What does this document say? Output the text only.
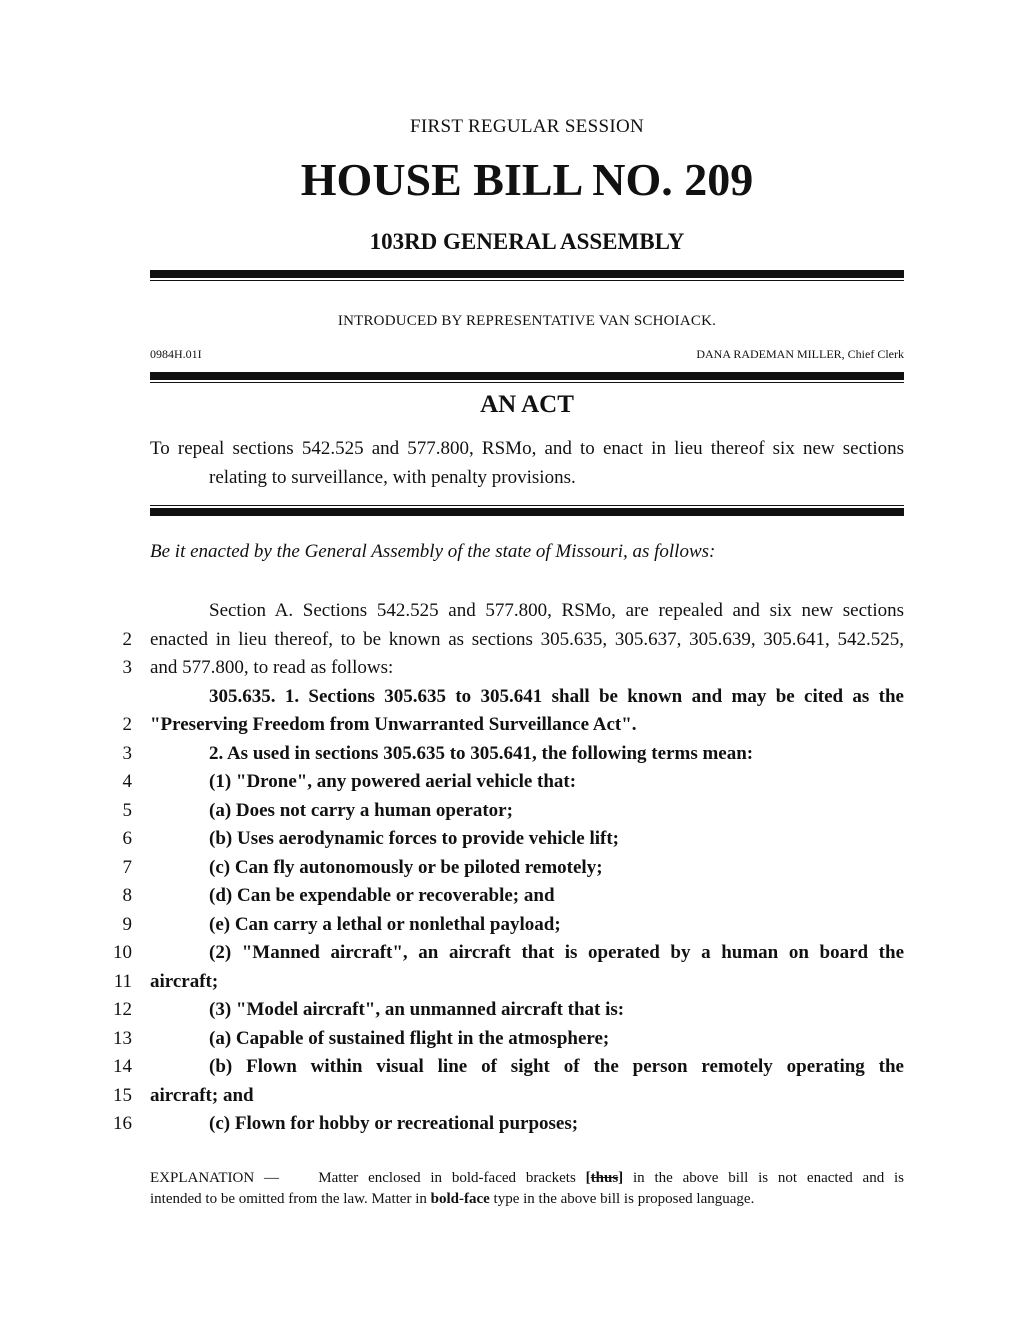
FIRST REGULAR SESSION
HOUSE BILL NO. 209
103RD GENERAL ASSEMBLY
INTRODUCED BY REPRESENTATIVE VAN SCHOIACK.
0984H.01I	DANA RADEMAN MILLER, Chief Clerk
AN ACT
To repeal sections 542.525 and 577.800, RSMo, and to enact in lieu thereof six new sections
relating to surveillance, with penalty provisions.
Be it enacted by the General Assembly of the state of Missouri, as follows:
Section A. Sections 542.525 and 577.800, RSMo, are repealed and six new sections
2 enacted in lieu thereof, to be known as sections 305.635, 305.637, 305.639, 305.641, 542.525,
3 and 577.800, to read as follows:
305.635. 1. Sections 305.635 to 305.641 shall be known and may be cited as the
2 "Preserving Freedom from Unwarranted Surveillance Act".
3	2. As used in sections 305.635 to 305.641, the following terms mean:
4	(1) "Drone", any powered aerial vehicle that:
5	(a) Does not carry a human operator;
6	(b) Uses aerodynamic forces to provide vehicle lift;
7	(c) Can fly autonomously or be piloted remotely;
8	(d) Can be expendable or recoverable; and
9	(e) Can carry a lethal or nonlethal payload;
10	(2) "Manned aircraft", an aircraft that is operated by a human on board the
11 aircraft;
12	(3) "Model aircraft", an unmanned aircraft that is:
13	(a) Capable of sustained flight in the atmosphere;
14	(b) Flown within visual line of sight of the person remotely operating the
15 aircraft; and
16	(c) Flown for hobby or recreational purposes;

EXPLANATION —	Matter enclosed in bold-faced brackets [thus] in the above bill is not enacted and is

intended to be omitted from the law. Matter in bold-face type in the above bill is proposed language.
